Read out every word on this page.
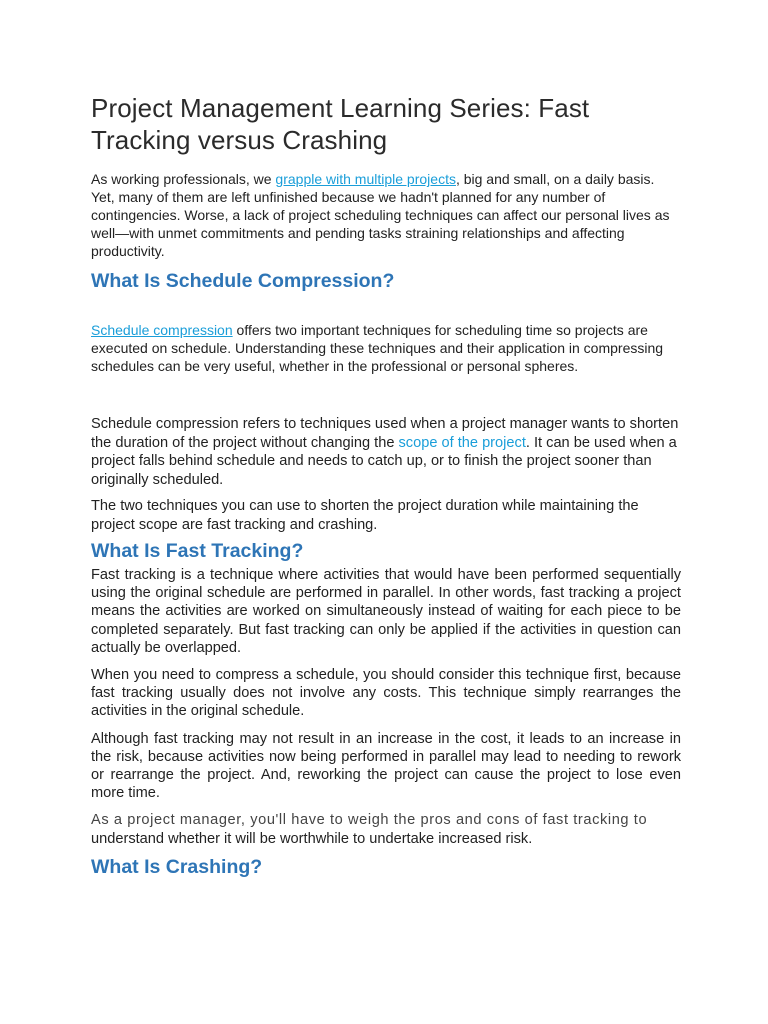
Project Management Learning Series: Fast Tracking versus Crashing

As working professionals, we grapple with multiple projects, big and small, on a daily basis. Yet, many of them are left unfinished because we hadn't planned for any number of contingencies. Worse, a lack of project scheduling techniques can affect our personal lives as well—with unmet commitments and pending tasks straining relationships and affecting productivity.

What Is Schedule Compression?

Schedule compression offers two important techniques for scheduling time so projects are executed on schedule. Understanding these techniques and their application in compressing schedules can be very useful, whether in the professional or personal spheres.

Schedule compression refers to techniques used when a project manager wants to shorten the duration of the project without changing the scope of the project. It can be used when a project falls behind schedule and needs to catch up, or to finish the project sooner than originally scheduled.

The two techniques you can use to shorten the project duration while maintaining the project scope are fast tracking and crashing.

What Is Fast Tracking?

Fast tracking is a technique where activities that would have been performed sequentially using the original schedule are performed in parallel. In other words, fast tracking a project means the activities are worked on simultaneously instead of waiting for each piece to be completed separately. But fast tracking can only be applied if the activities in question can actually be overlapped.

When you need to compress a schedule, you should consider this technique first, because fast tracking usually does not involve any costs. This technique simply rearranges the activities in the original schedule.

Although fast tracking may not result in an increase in the cost, it leads to an increase in the risk, because activities now being performed in parallel may lead to needing to rework or rearrange the project. And, reworking the project can cause the project to lose even more time.

As a project manager, you'll have to weigh the pros and cons of fast tracking to
understand whether it will be worthwhile to undertake increased risk.

What Is Crashing?
